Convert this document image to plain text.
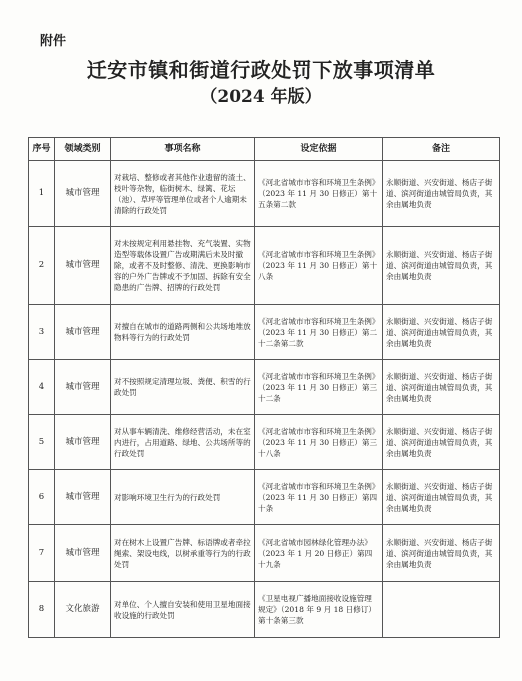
附件
迁安市镇和街道行政处罚下放事项清单
（2024 年版）
序号	领域类别	事项名称	设定依据	备注
1	城市管理	对栽培、整修或者其他作业遗留的渣土、枝叶等杂物，临街树木、绿篱、花坛（池）、草坪等管理单位或者个人逾期未清除的行政处罚	《河北省城市市容和环境卫生条例》（2023 年 11 月 30 日修正）第十五条第二款	永顺街道、兴安街道、杨店子街道、滨河街道由城管局负责，其余由属地负责
2	城市管理	对未按规定利用悬挂物、充气装置、实物造型等载体设置广告或期满后未及时撤除，或者不及时整修、清洗、更换影响市容的户外广告牌或不予加固、拆除有安全隐患的广告牌、招牌的行政处罚	《河北省城市市容和环境卫生条例》（2023 年 11 月 30 日修正）第十八条	永顺街道、兴安街道、杨店子街道、滨河街道由城管局负责，其余由属地负责
3	城市管理	对擅自在城市的道路两侧和公共场地堆放物料等行为的行政处罚	《河北省城市市容和环境卫生条例》（2023 年 11 月 30 日修正）第二十二条第二款	永顺街道、兴安街道、杨店子街道、滨河街道由城管局负责，其余由属地负责
4	城市管理	对不按照规定清理垃圾、粪便、积雪的行政处罚	《河北省城市市容和环境卫生条例》（2023 年 11 月 30 日修正）第三十二条	永顺街道、兴安街道、杨店子街道、滨河街道由城管局负责，其余由属地负责
5	城市管理	对从事车辆清洗、维修经营活动，未在室内进行，占用道路、绿地、公共场所等的行政处罚	《河北省城市市容和环境卫生条例》（2023 年 11 月 30 日修正）第三十八条	永顺街道、兴安街道、杨店子街道、滨河街道由城管局负责，其余由属地负责
6	城市管理	对影响环境卫生行为的行政处罚	《河北省城市市容和环境卫生条例》（2023 年 11 月 30 日修正）第四十条	永顺街道、兴安街道、杨店子街道、滨河街道由城管局负责，其余由属地负责
7	城市管理	对在树木上设置广告牌、标语牌或者牵拉绳索、架设电线，以树承重等行为的行政处罚	《河北省城市园林绿化管理办法》（2023 年 1 月 20 日修正）第四十九条	永顺街道、兴安街道、杨店子街道、滨河街道由城管局负责，其余由属地负责
8	文化旅游	对单位、个人擅自安装和使用卫星地面接收设施的行政处罚	《卫星电视广播地面接收设施管理规定》（2018 年 9 月 18 日修订）第十条第三款	
